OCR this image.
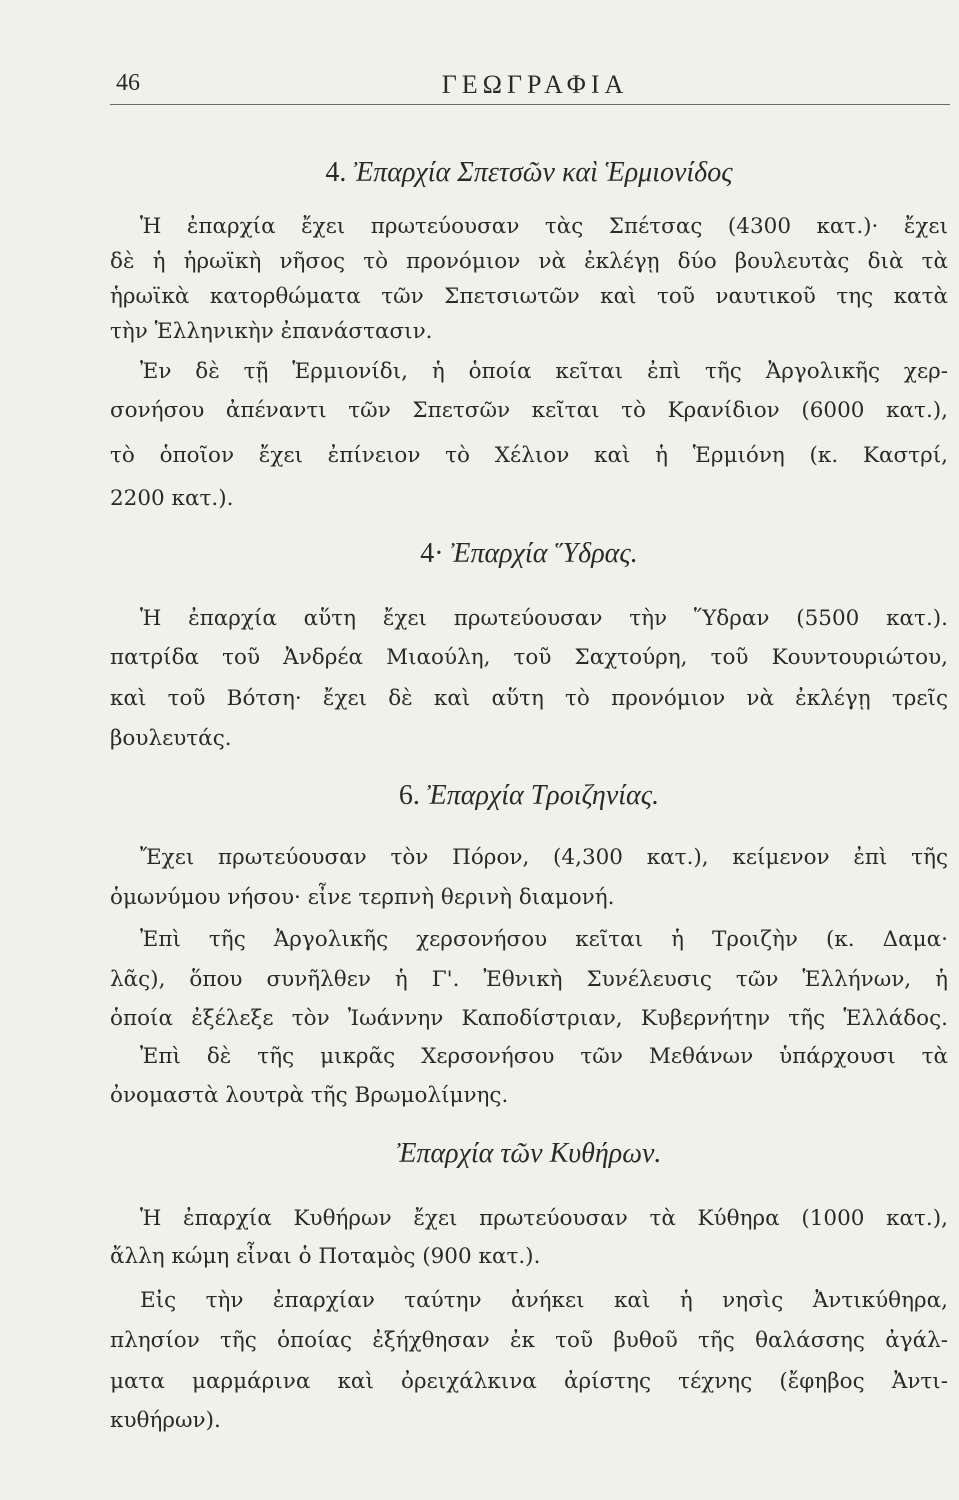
46	ΓΕΩΓΡΑΦΙΑ
4. Ἐπαρχία Σπετσῶν καὶ Ἑρμιονίδος
Ἡ ἐπαρχία ἔχει πρωτεύουσαν τὰς Σπέτσας (4300 κατ.)· ἔχει
δὲ ἡ ἡρωϊκὴ νῆσος τὸ προνόμιον νὰ ἐκλέγῃ δύο βουλευτὰς διὰ τὰ
ἡρωϊκὰ κατορθώματα τῶν Σπετσιωτῶν καὶ τοῦ ναυτικοῦ της κατὰ
τὴν Ἑλληνικὴν ἐπανάστασιν.
Ἐν δὲ τῇ Ἑρμιονίδι, ἡ ὁποία κεῖται ἐπὶ τῆς Ἀργολικῆς χερ-
σονήσου ἀπέναντι τῶν Σπετσῶν κεῖται τὸ Κρανίδιον (6000 κατ.),
τὸ ὁποῖον ἔχει ἐπίνειον τὸ Χέλιον καὶ ἡ Ἑρμιόνη (κ. Καστρί,
2200 κατ.).
4· Ἐπαρχία Ὕδρας.
Ἡ ἐπαρχία αὕτη ἔχει πρωτεύουσαν τὴν Ὕδραν (5500 κατ.).
πατρίδα τοῦ Ἀνδρέα Μιαούλη, τοῦ Σαχτούρη, τοῦ Κουντουριώτου,
καὶ τοῦ Βότση· ἔχει δὲ καὶ αὕτη τὸ προνόμιον νὰ ἐκλέγῃ τρεῖς
βουλευτάς.
6. Ἐπαρχία Τροιζηνίας.
Ἔχει πρωτεύουσαν τὸν Πόρον, (4,300 κατ.), κείμενον ἐπὶ τῆς
ὁμωνύμου νήσου· εἶνε τερπνὴ θερινὴ διαμονή.
Ἐπὶ τῆς Ἀργολικῆς χερσονήσου κεῖται ἡ Τροιζὴν (κ. Δαμα·
λᾶς), ὅπου συνῆλθεν ἡ Γ'. Ἐθνικὴ Συνέλευσις τῶν Ἑλλήνων, ἡ
ὁποία ἐξέλεξε τὸν Ἰωάννην Καποδίστριαν, Κυβερνήτην τῆς Ἑλλάδος.
Ἐπὶ δὲ τῆς μικρᾶς Χερσονήσου τῶν Μεθάνων ὑπάρχουσι τὰ
ὀνομαστὰ λουτρὰ τῆς Βρωμολίμνης.
Ἐπαρχία τῶν Κυθήρων.
Ἡ ἐπαρχία Κυθήρων ἔχει πρωτεύουσαν τὰ Κύθηρα (1000 κατ.),
ἄλλη κώμη εἶναι ὁ Ποταμὸς (900 κατ.).
Εἰς τὴν ἐπαρχίαν ταύτην ἀνήκει καὶ ἡ νησὶς Ἀντικύθηρα,
πλησίον τῆς ὁποίας ἐξήχθησαν ἐκ τοῦ βυθοῦ τῆς θαλάσσης ἀγάλ-
ματα μαρμάρινα καὶ ὀρειχάλκινα ἀρίστης τέχνης (ἔφηβος Ἀντι-
κυθήρων).
